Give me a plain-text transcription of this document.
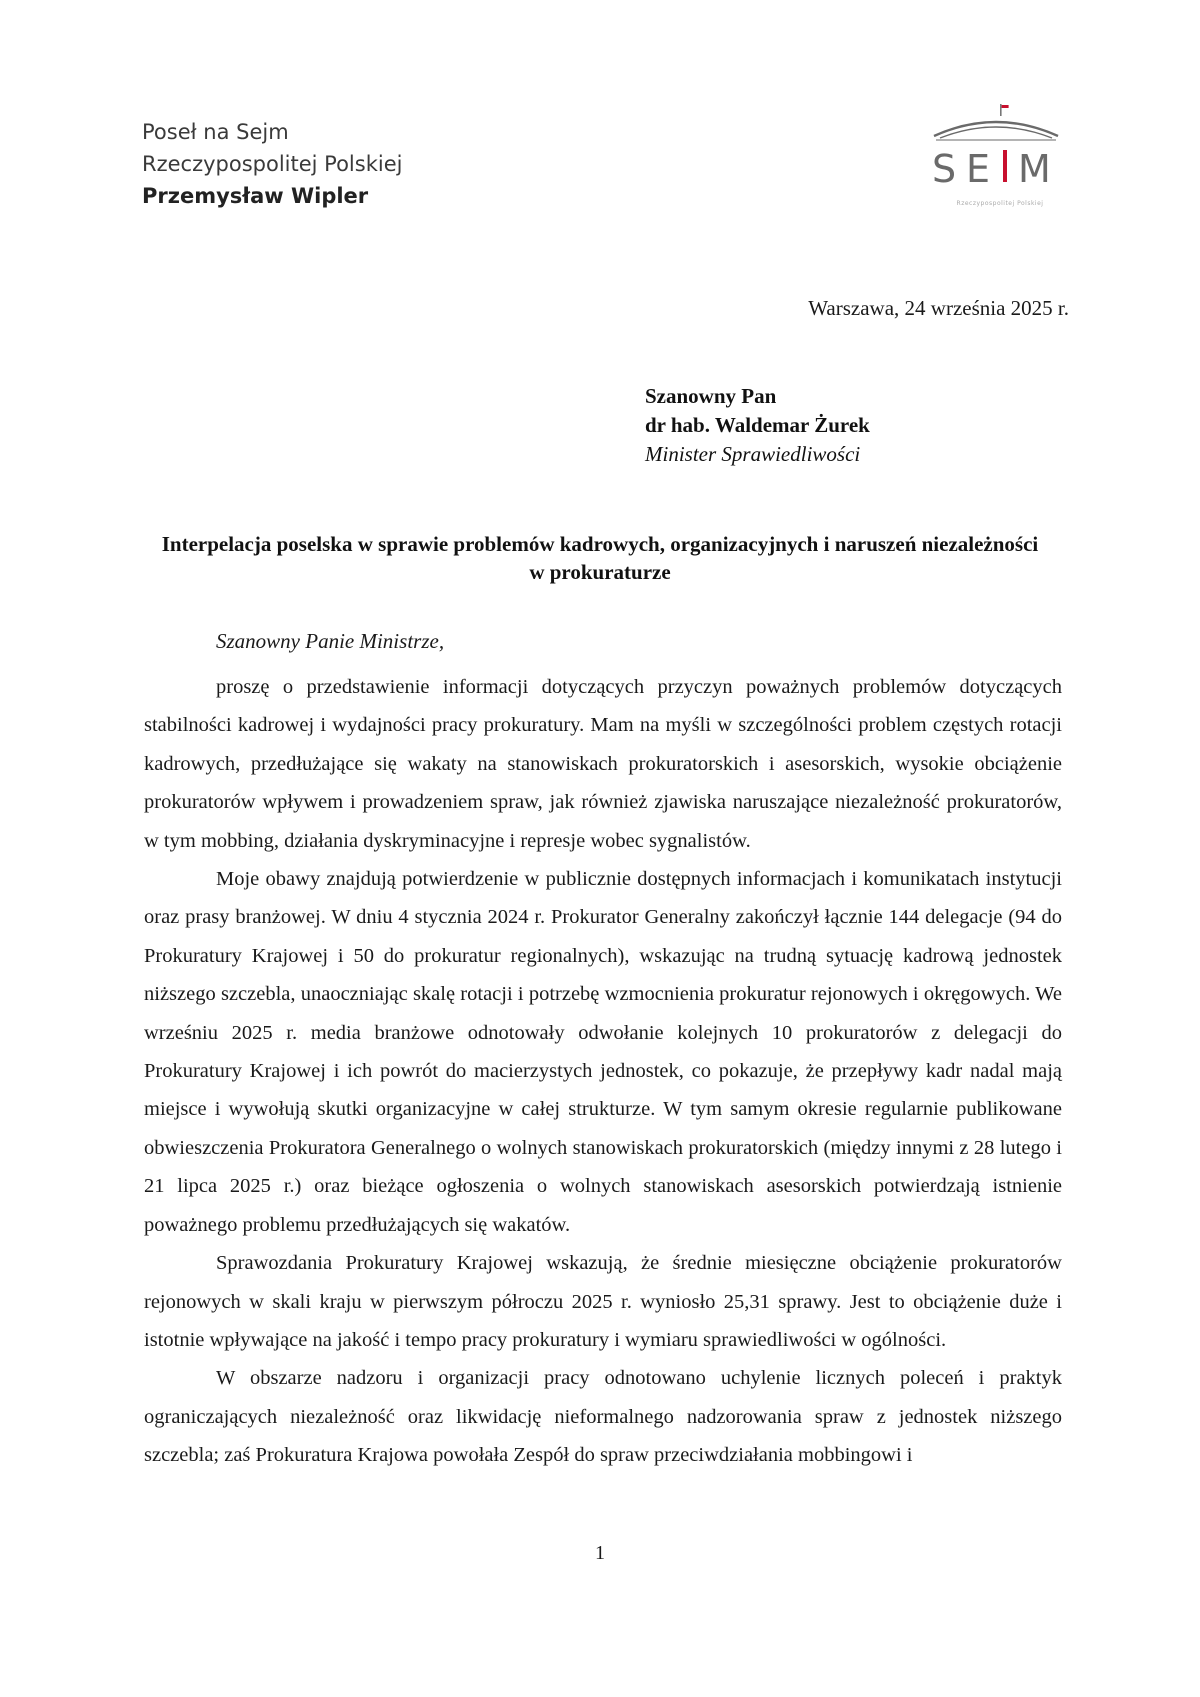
Poseł na Sejm
Rzeczypospolitej Polskiej
Przemysław Wipler
S E M
Rzeczypospolitej Polskiej
Warszawa, 24 września 2025 r.
Szanowny Pan
dr hab. Waldemar Żurek
Minister Sprawiedliwości
Interpelacja poselska w sprawie problemów kadrowych, organizacyjnych i naruszeń niezależności w prokuraturze
Szanowny Panie Ministrze,

proszę o przedstawienie informacji dotyczących przyczyn poważnych problemów dotyczących stabilności kadrowej i wydajności pracy prokuratury. Mam na myśli w szczególności problem częstych rotacji kadrowych, przedłużające się wakaty na stanowiskach prokuratorskich i asesorskich, wysokie obciążenie prokuratorów wpływem i prowadzeniem spraw, jak również zjawiska naruszające niezależność prokuratorów, w tym mobbing, działania dyskryminacyjne i represje wobec sygnalistów.

Moje obawy znajdują potwierdzenie w publicznie dostępnych informacjach i komunikatach instytucji oraz prasy branżowej. W dniu 4 stycznia 2024 r. Prokurator Generalny zakończył łącznie 144 delegacje (94 do Prokuratury Krajowej i 50 do prokuratur regionalnych), wskazując na trudną sytuację kadrową jednostek niższego szczebla, unaoczniając skalę rotacji i potrzebę wzmocnienia prokuratur rejonowych i okręgowych. We wrześniu 2025 r. media branżowe odnotowały odwołanie kolejnych 10 prokuratorów z delegacji do Prokuratury Krajowej i ich powrót do macierzystych jednostek, co pokazuje, że przepływy kadr nadal mają miejsce i wywołują skutki organizacyjne w całej strukturze. W tym samym okresie regularnie publikowane obwieszczenia Prokuratora Generalnego o wolnych stanowiskach prokuratorskich (między innymi z 28 lutego i 21 lipca 2025 r.) oraz bieżące ogłoszenia o wolnych stanowiskach asesorskich potwierdzają istnienie poważnego problemu przedłużających się wakatów.

Sprawozdania Prokuratury Krajowej wskazują, że średnie miesięczne obciążenie prokuratorów rejonowych w skali kraju w pierwszym półroczu 2025 r. wyniosło 25,31 sprawy. Jest to obciążenie duże i istotnie wpływające na jakość i tempo pracy prokuratury i wymiaru sprawiedliwości w ogólności.

W obszarze nadzoru i organizacji pracy odnotowano uchylenie licznych poleceń i praktyk ograniczających niezależność oraz likwidację nieformalnego nadzorowania spraw z jednostek niższego szczebla; zaś Prokuratura Krajowa powołała Zespół do spraw przeciwdziałania mobbingowi i

1
